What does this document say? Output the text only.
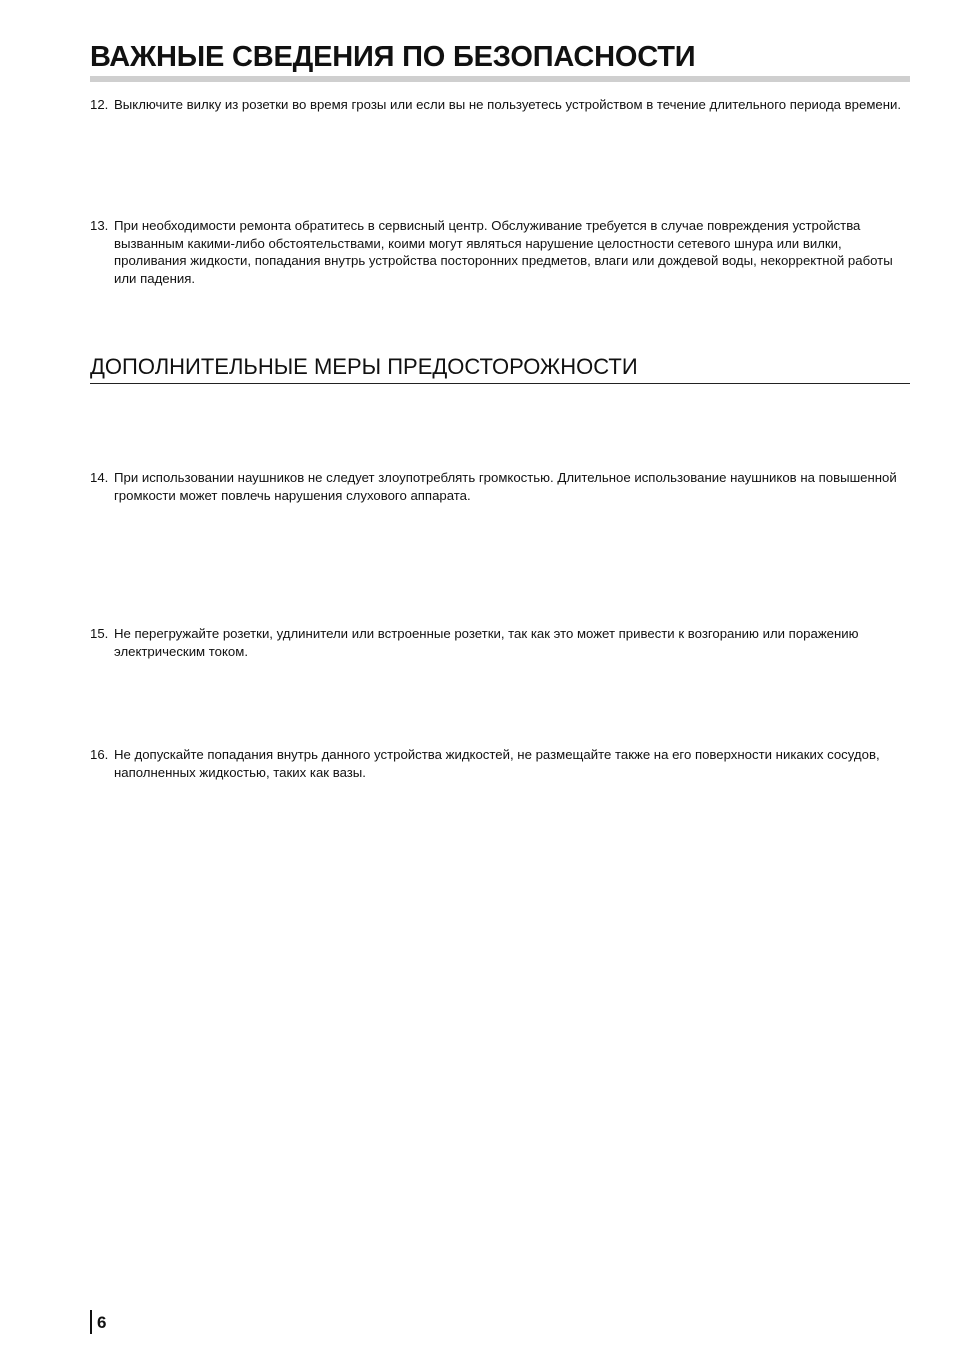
ВАЖНЫЕ СВЕДЕНИЯ ПО БЕЗОПАСНОСТИ
12. Выключите вилку из розетки во время грозы или если вы не пользуетесь устройством в течение длительного периода времени.
13. При необходимости ремонта обратитесь в сервисный центр. Обслуживание требуется в случае повреждения устройства вызванным какими-либо обстоятельствами, коими могут являться нарушение целостности сетевого шнура или вилки, проливания жидкости, попадания внутрь устройства посторонних предметов, влаги или дождевой воды, некорректной работы или падения.
ДОПОЛНИТЕЛЬНЫЕ МЕРЫ ПРЕДОСТОРОЖНОСТИ
14. При использовании наушников не следует злоупотреблять громкостью. Длительное использование наушников на повышенной громкости может повлечь нарушения слухового аппарата.
15. Не перегружайте розетки, удлинители или встроенные розетки, так как это может привести к возгоранию или поражению электрическим током.
16. Не допускайте попадания внутрь данного устройства жидкостей, не размещайте также на его поверхности никаких сосудов, наполненных жидкостью, таких как вазы.
6
